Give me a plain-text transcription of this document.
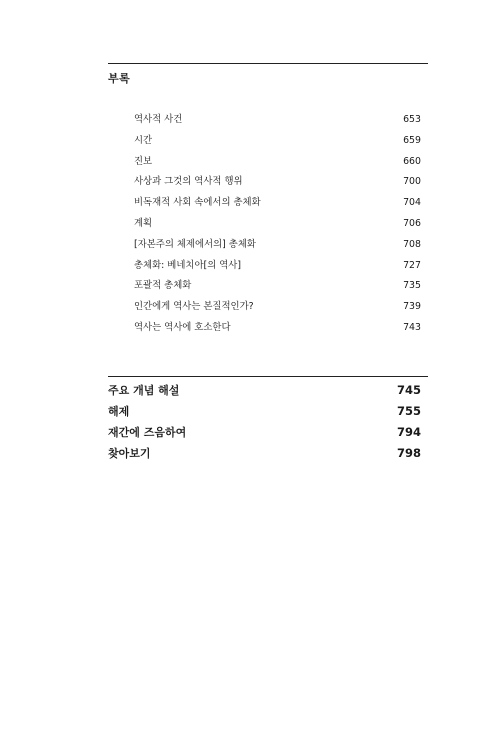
부록
역사적 사건	653
시간	659
진보	660
사상과 그것의 역사적 행위	700
비독재적 사회 속에서의 총체화	704
계획	706
[자본주의 체제에서의] 총체화	708
총체화: 베네치아[의 역사]	727
포괄적 총체화	735
인간에게 역사는 본질적인가?	739
역사는 역사에 호소한다	743
주요 개념 해설	745
해제	755
재간에 즈음하여	794
찾아보기	798
